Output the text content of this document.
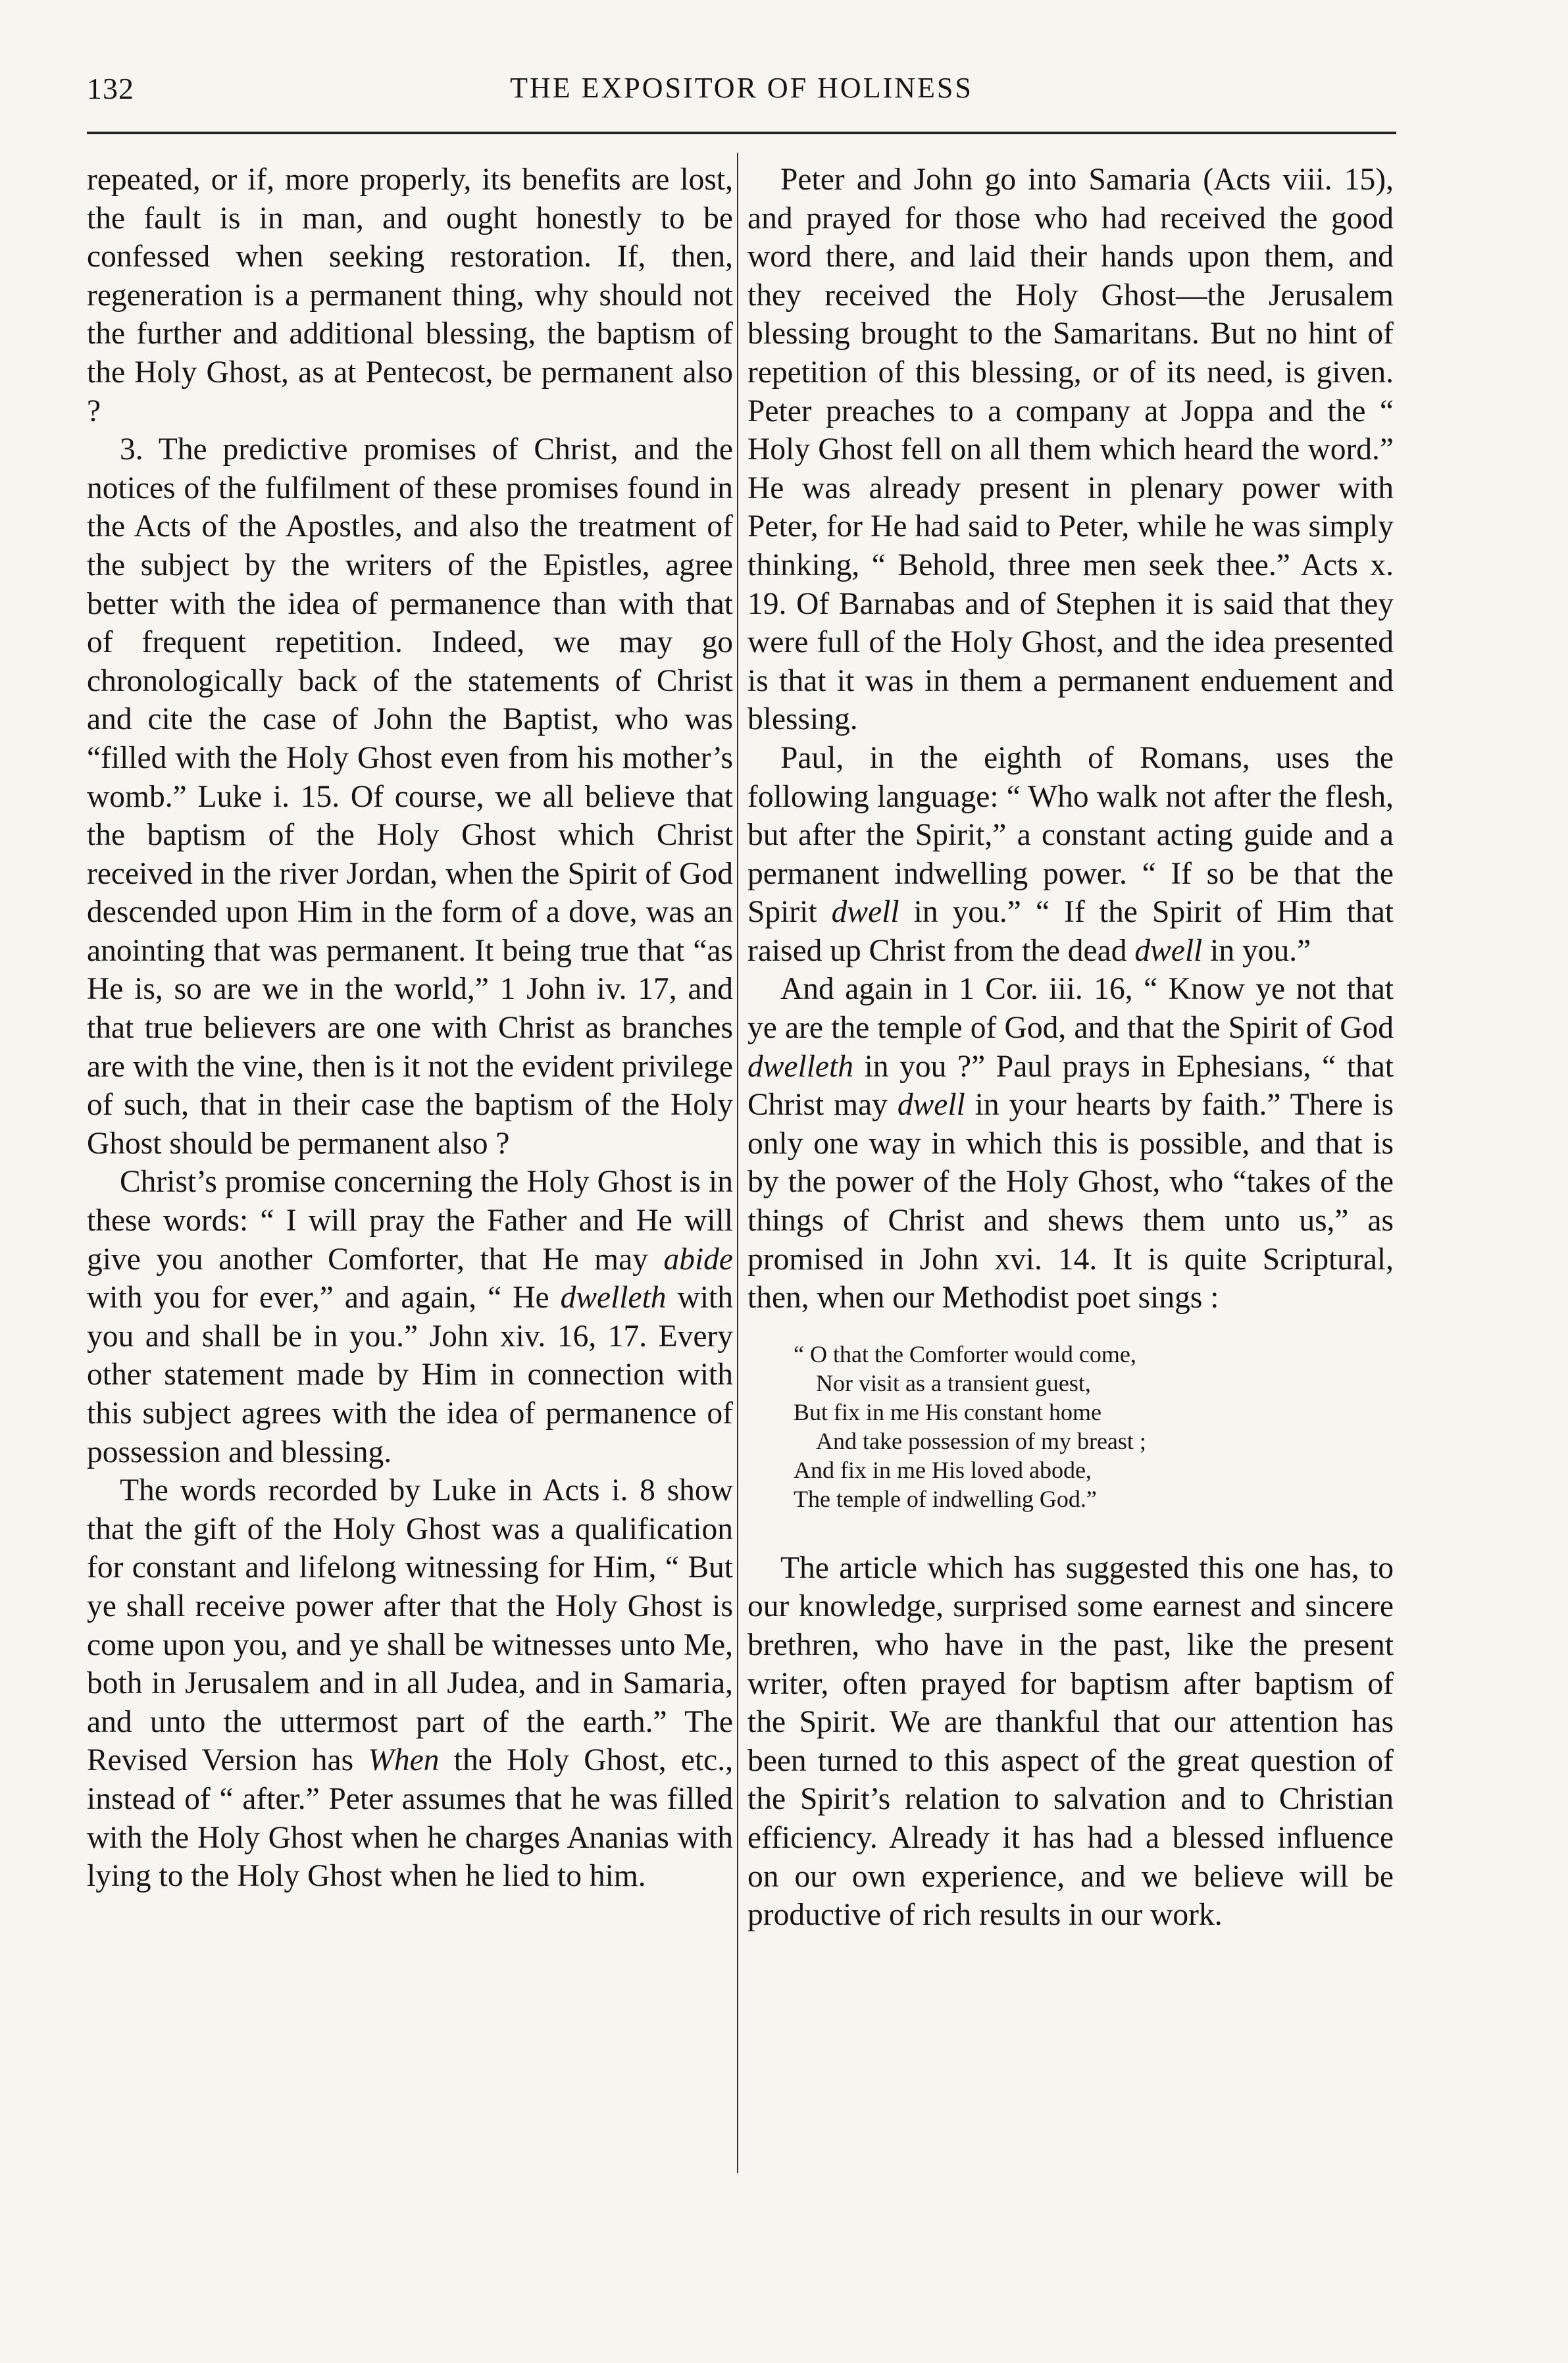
132	THE EXPOSITOR OF HOLINESS

repeated, or if, more properly, its benefits are lost, the fault is in man, and ought honestly to be confessed when seeking restoration. If, then, regeneration is a permanent thing, why should not the further and additional blessing, the baptism of the Holy Ghost, as at Pentecost, be permanent also ?

3. The predictive promises of Christ, and the notices of the fulfilment of these promises found in the Acts of the Apostles, and also the treatment of the subject by the writers of the Epistles, agree better with the idea of permanence than with that of frequent repetition. Indeed, we may go chronologically back of the statements of Christ and cite the case of John the Baptist, who was “filled with the Holy Ghost even from his mother’s womb.” Luke i. 15. Of course, we all believe that the baptism of the Holy Ghost which Christ received in the river Jordan, when the Spirit of God descended upon Him in the form of a dove, was an anointing that was permanent. It being true that “as He is, so are we in the world,” 1 John iv. 17, and that true believers are one with Christ as branches are with the vine, then is it not the evident privilege of such, that in their case the baptism of the Holy Ghost should be permanent also ?

Christ’s promise concerning the Holy Ghost is in these words: “ I will pray the Father and He will give you another Comforter, that He may abide with you for ever,” and again, “ He dwelleth with you and shall be in you.” John xiv. 16, 17. Every other statement made by Him in connection with this subject agrees with the idea of permanence of possession and blessing.

The words recorded by Luke in Acts i. 8 show that the gift of the Holy Ghost was a qualification for constant and lifelong witnessing for Him, “ But ye shall receive power after that the Holy Ghost is come upon you, and ye shall be witnesses unto Me, both in Jerusalem and in all Judea, and in Samaria, and unto the uttermost part of the earth.” The Revised Version has When the Holy Ghost, etc., instead of “ after.” Peter assumes that he was filled with the Holy Ghost when he charges Ananias with lying to the Holy Ghost when he lied to him.

Peter and John go into Samaria (Acts viii. 15), and prayed for those who had received the good word there, and laid their hands upon them, and they received the Holy Ghost—the Jerusalem blessing brought to the Samaritans. But no hint of repetition of this blessing, or of its need, is given. Peter preaches to a company at Joppa and the “ Holy Ghost fell on all them which heard the word.” He was already present in plenary power with Peter, for He had said to Peter, while he was simply thinking, “ Behold, three men seek thee.” Acts x. 19. Of Barnabas and of Stephen it is said that they were full of the Holy Ghost, and the idea presented is that it was in them a permanent enduement and blessing.

Paul, in the eighth of Romans, uses the following language: “ Who walk not after the flesh, but after the Spirit,” a constant acting guide and a permanent indwelling power. “ If so be that the Spirit dwell in you.” “ If the Spirit of Him that raised up Christ from the dead dwell in you.”

And again in 1 Cor. iii. 16, “ Know ye not that ye are the temple of God, and that the Spirit of God dwelleth in you ?” Paul prays in Ephesians, “ that Christ may dwell in your hearts by faith.” There is only one way in which this is possible, and that is by the power of the Holy Ghost, who “takes of the things of Christ and shews them unto us,” as promised in John xvi. 14. It is quite Scriptural, then, when our Methodist poet sings :

“ O that the Comforter would come,
Nor visit as a transient guest,
But fix in me His constant home
And take possession of my breast ;
And fix in me His loved abode,
The temple of indwelling God.”

The article which has suggested this one has, to our knowledge, surprised some earnest and sincere brethren, who have in the past, like the present writer, often prayed for baptism after baptism of the Spirit. We are thankful that our attention has been turned to this aspect of the great question of the Spirit’s relation to salvation and to Christian efficiency. Already it has had a blessed influence on our own experience, and we believe will be productive of rich results in our work.
